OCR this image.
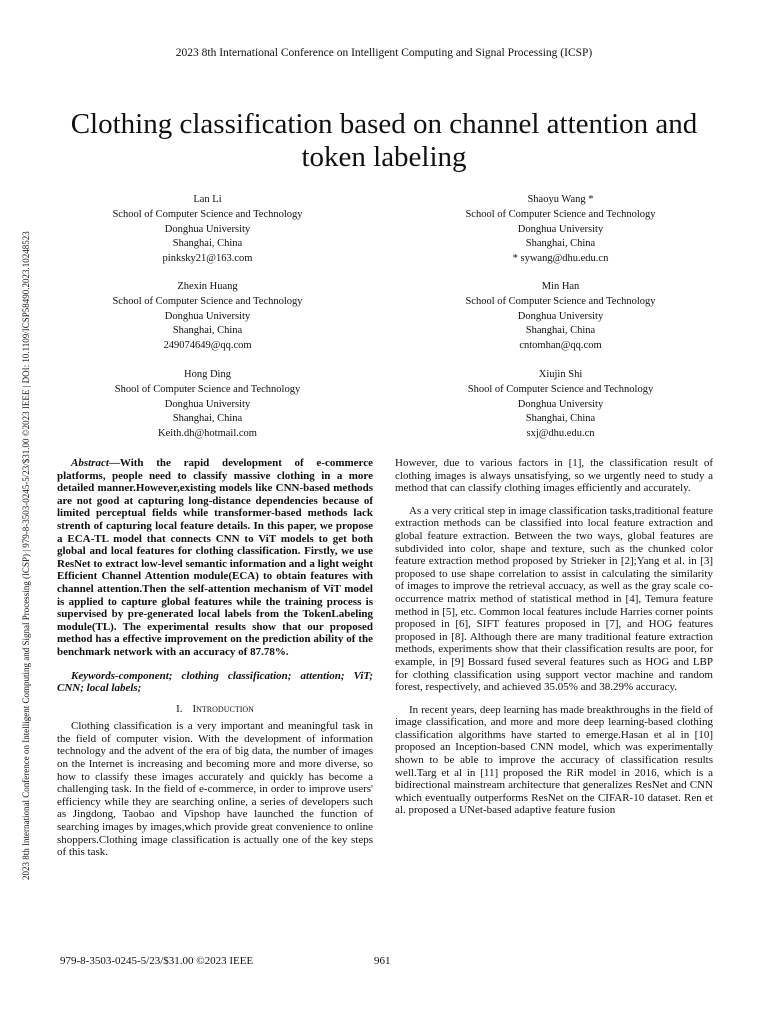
2023 8th International Conference on Intelligent Computing and Signal Processing (ICSP)
2023 8th International Conference on Intelligent Computing and Signal Processing (ICSP) | 979-8-3503-0245-5/23/$31.00 ©2023 IEEE | DOI: 10.1109/ICSP58490.2023.10248523
Clothing classification based on channel attention and
token labeling
Lan Li
School of Computer Science and Technology
Donghua University
Shanghai, China
pinksky21@163.com
Shaoyu Wang *
School of Computer Science and Technology
Donghua University
Shanghai, China
* sywang@dhu.edu.cn
Zhexin Huang
School of Computer Science and Technology
Donghua University
Shanghai, China
249074649@qq.com
Min Han
School of Computer Science and Technology
Donghua University
Shanghai, China
cntomhan@qq.com
Hong Ding
Shool of Computer Science and Technology
Donghua University
Shanghai, China
Keith.dh@hotmail.com
Xiujin Shi
Shool of Computer Science and Technology
Donghua University
Shanghai, China
sxj@dhu.edu.cn

Abstract—With the rapid development of e-commerce platforms, people need to classify massive clothing in a more detailed manner.However,existing models like CNN-based methods are not good at capturing long-distance dependencies because of limited perceptual fields while transformer-based methods lack strenth of capturing local feature details. In this paper, we propose a ECA-TL model that connects CNN to ViT models to get both global and local features for clothing classification. Firstly, we use ResNet to extract low-level semantic information and a light weight Efficient Channel Attention module(ECA) to obtain features with channel attention.Then the self-attention mechanism of ViT model is applied to capture global features while the training process is supervised by pre-generated local labels from the TokenLabeling module(TL). The experimental results show that our proposed method has a effective improvement on the prediction ability of the benchmark network with an accuracy of 87.78%.

Keywords-component; clothing classification; attention; ViT; CNN; local labels;

I. Introduction

Clothing classification is a very important and meaningful task in the field of computer vision. With the development of information technology and the advent of the era of big data, the number of images on the Internet is increasing and becoming more and more diverse, so how to classify these images accurately and quickly has become a challenging task. In the field of e-commerce, in order to improve users' efficiency while they are searching online, a series of developers such as Jingdong, Taobao and Vipshop have launched the function of searching images by images,which provide great convenience to online shoppers.Clothing image classification is actually one of the key steps of this task.

However, due to various factors in [1], the classification result of clothing images is always unsatisfying, so we urgently need to study a method that can classify clothing images efficiently and accurately.

As a very critical step in image classification tasks,traditional feature extraction methods can be classified into local feature extraction and global feature extraction. Between the two ways, global features are subdivided into color, shape and texture, such as the chunked color feature extraction method proposed by Strieker in [2];Yang et al. in [3] proposed to use shape correlation to assist in calculating the similarity of images to improve the retrieval accuacy, as well as the gray scale co-occurrence matrix method of statistical method in [4], Temura feature method in [5], etc. Common local features include Harries corner points proposed in [6], SIFT features proposed in [7], and HOG features proposed in [8]. Although there are many traditional feature extraction methods, experiments show that their classification results are poor, for example, in [9] Bossard fused several features such as HOG and LBP for clothing classification using support vector machine and random forest, respectively, and achieved 35.05% and 38.29% accuracy.

In recent years, deep learning has made breakthroughs in the field of image classification, and more and more deep learning-based clothing classification algorithms have started to emerge.Hasan et al in [10] proposed an Inception-based CNN model, which was experimentally shown to be able to improve the accuracy of classification results well.Targ et al in [11] proposed the RiR model in 2016, which is a bidirectional mainstream architecture that generalizes ResNet and CNN which eventually outperforms ResNet on the CIFAR-10 dataset. Ren et al. proposed a UNet-based adaptive feature fusion

979-8-3503-0245-5/23/$31.00 ©2023 IEEE	961
